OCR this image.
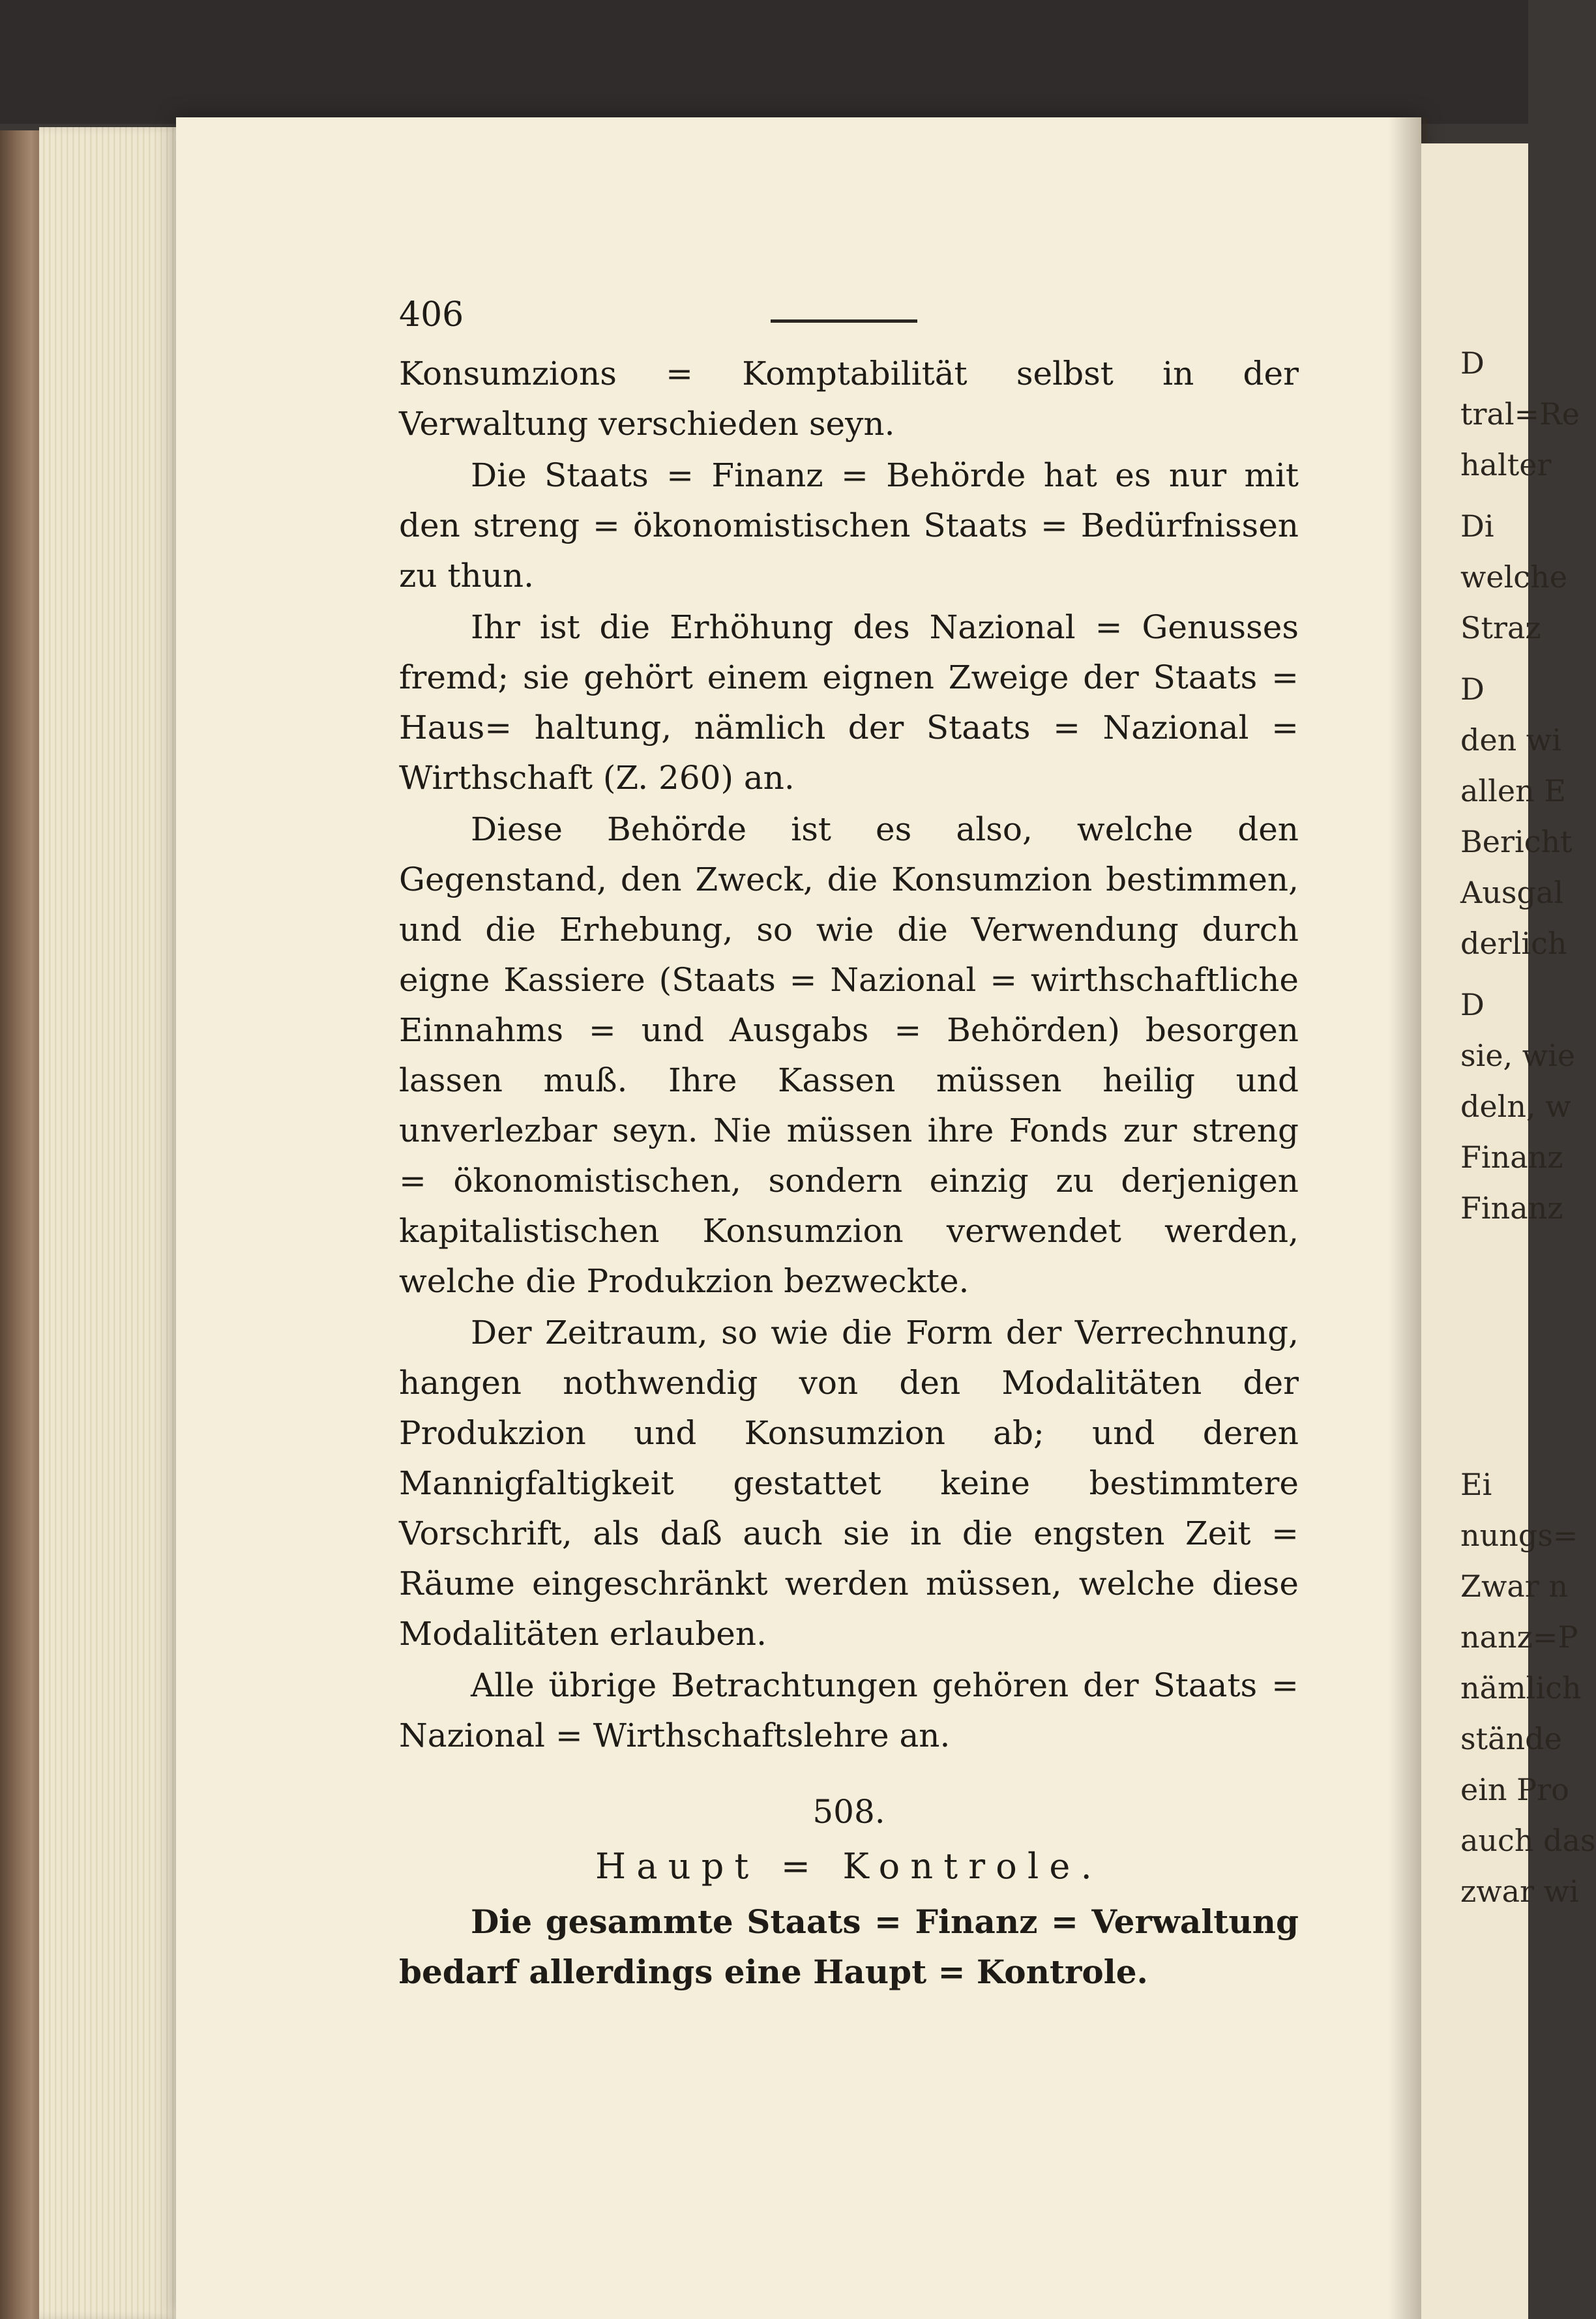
406

Konsumzions = Komptabilität selbst in der Verwaltung verschieden seyn.

Die Staats = Finanz = Behörde hat es nur mit den streng = ökonomistischen Staats = Bedürfnissen zu thun.

Ihr ist die Erhöhung des Nazional = Genusses fremd; sie gehört einem eignen Zweige der Staats = Haus= haltung, nämlich der Staats = Nazional = Wirthschaft (Z. 260) an.

Diese Behörde ist es also, welche den Gegenstand, den Zweck, die Konsumzion bestimmen, und die Erhebung, so wie die Verwendung durch eigne Kassiere (Staats = Nazional = wirthschaftliche Einnahms = und Ausgabs = Behörden) besorgen lassen muß. Ihre Kassen müssen heilig und unverlezbar seyn. Nie müssen ihre Fonds zur streng = ökonomistischen, sondern einzig zu derjenigen kapitalistischen Konsumzion verwendet werden, welche die Produkzion bezweckte.

Der Zeitraum, so wie die Form der Verrechnung, hangen nothwendig von den Modalitäten der Produkzion und Konsumzion ab; und deren Mannigfaltigkeit gestattet keine bestimmtere Vorschrift, als daß auch sie in die engsten Zeit = Räume eingeschränkt werden müssen, welche diese Modalitäten erlauben.

Alle übrige Betrachtungen gehören der Staats = Nazional = Wirthschaftslehre an.

508.
Haupt = Kontrole.

Die gesammte Staats = Finanz = Verwaltung bedarf allerdings eine Haupt = Kontrole.

D
tral=Re
halter
Di
welche
Straz
D
den wi
allen E
Bericht
Ausgal
derlich
D
sie, wie
deln, w
Finanz
Finanz
Ei
nungs=
Zwar n
nanz=P
nämlich
stände
ein Pro
auch das
zwar wi
